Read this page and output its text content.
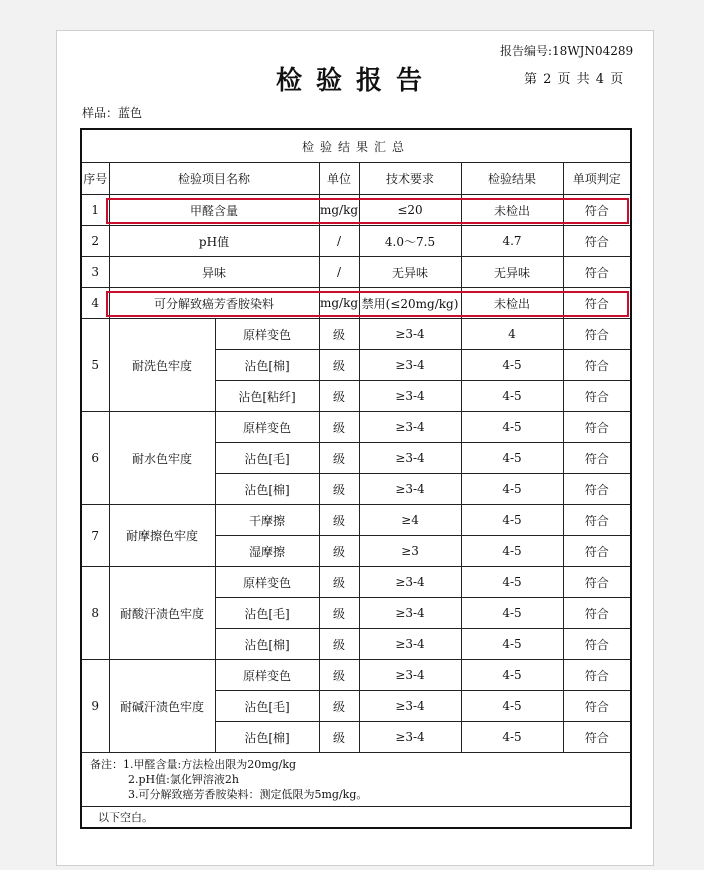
报告编号:18WJN04289
检验报告	第 2 页 共 4 页
样品：蓝色
检验结果汇总						
序号	检验项目名称		单位	技术要求	检验结果	单项判定
1	甲醛含量		mg/kg	≤20	未检出	符合
2	pH值		/	4.0～7.5	4.7	符合
3	异味		/	无异味	无异味	符合
4	可分解致癌芳香胺染料		mg/kg	禁用(≤20mg/kg)	未检出	符合
5	耐洗色牢度	原样变色	级	≥3-4	4	符合
		沾色[棉]	级	≥3-4	4-5	符合
		沾色[粘纤]	级	≥3-4	4-5	符合
6	耐水色牢度	原样变色	级	≥3-4	4-5	符合
		沾色[毛]	级	≥3-4	4-5	符合
		沾色[棉]	级	≥3-4	4-5	符合
7	耐摩擦色牢度	干摩擦	级	≥4	4-5	符合
		湿摩擦	级	≥3	4-5	符合
8	耐酸汗渍色牢度	原样变色	级	≥3-4	4-5	符合
		沾色[毛]	级	≥3-4	4-5	符合
		沾色[棉]	级	≥3-4	4-5	符合
9	耐碱汗渍色牢度	原样变色	级	≥3-4	4-5	符合
		沾色[毛]	级	≥3-4	4-5	符合
		沾色[棉]	级	≥3-4	4-5	符合

备注：1.甲醛含量:方法检出限为20mg/kg
2.pH值:氯化钾溶液2h
3.可分解致癌芳香胺染料：测定低限为5mg/kg。						

以下空白。						
